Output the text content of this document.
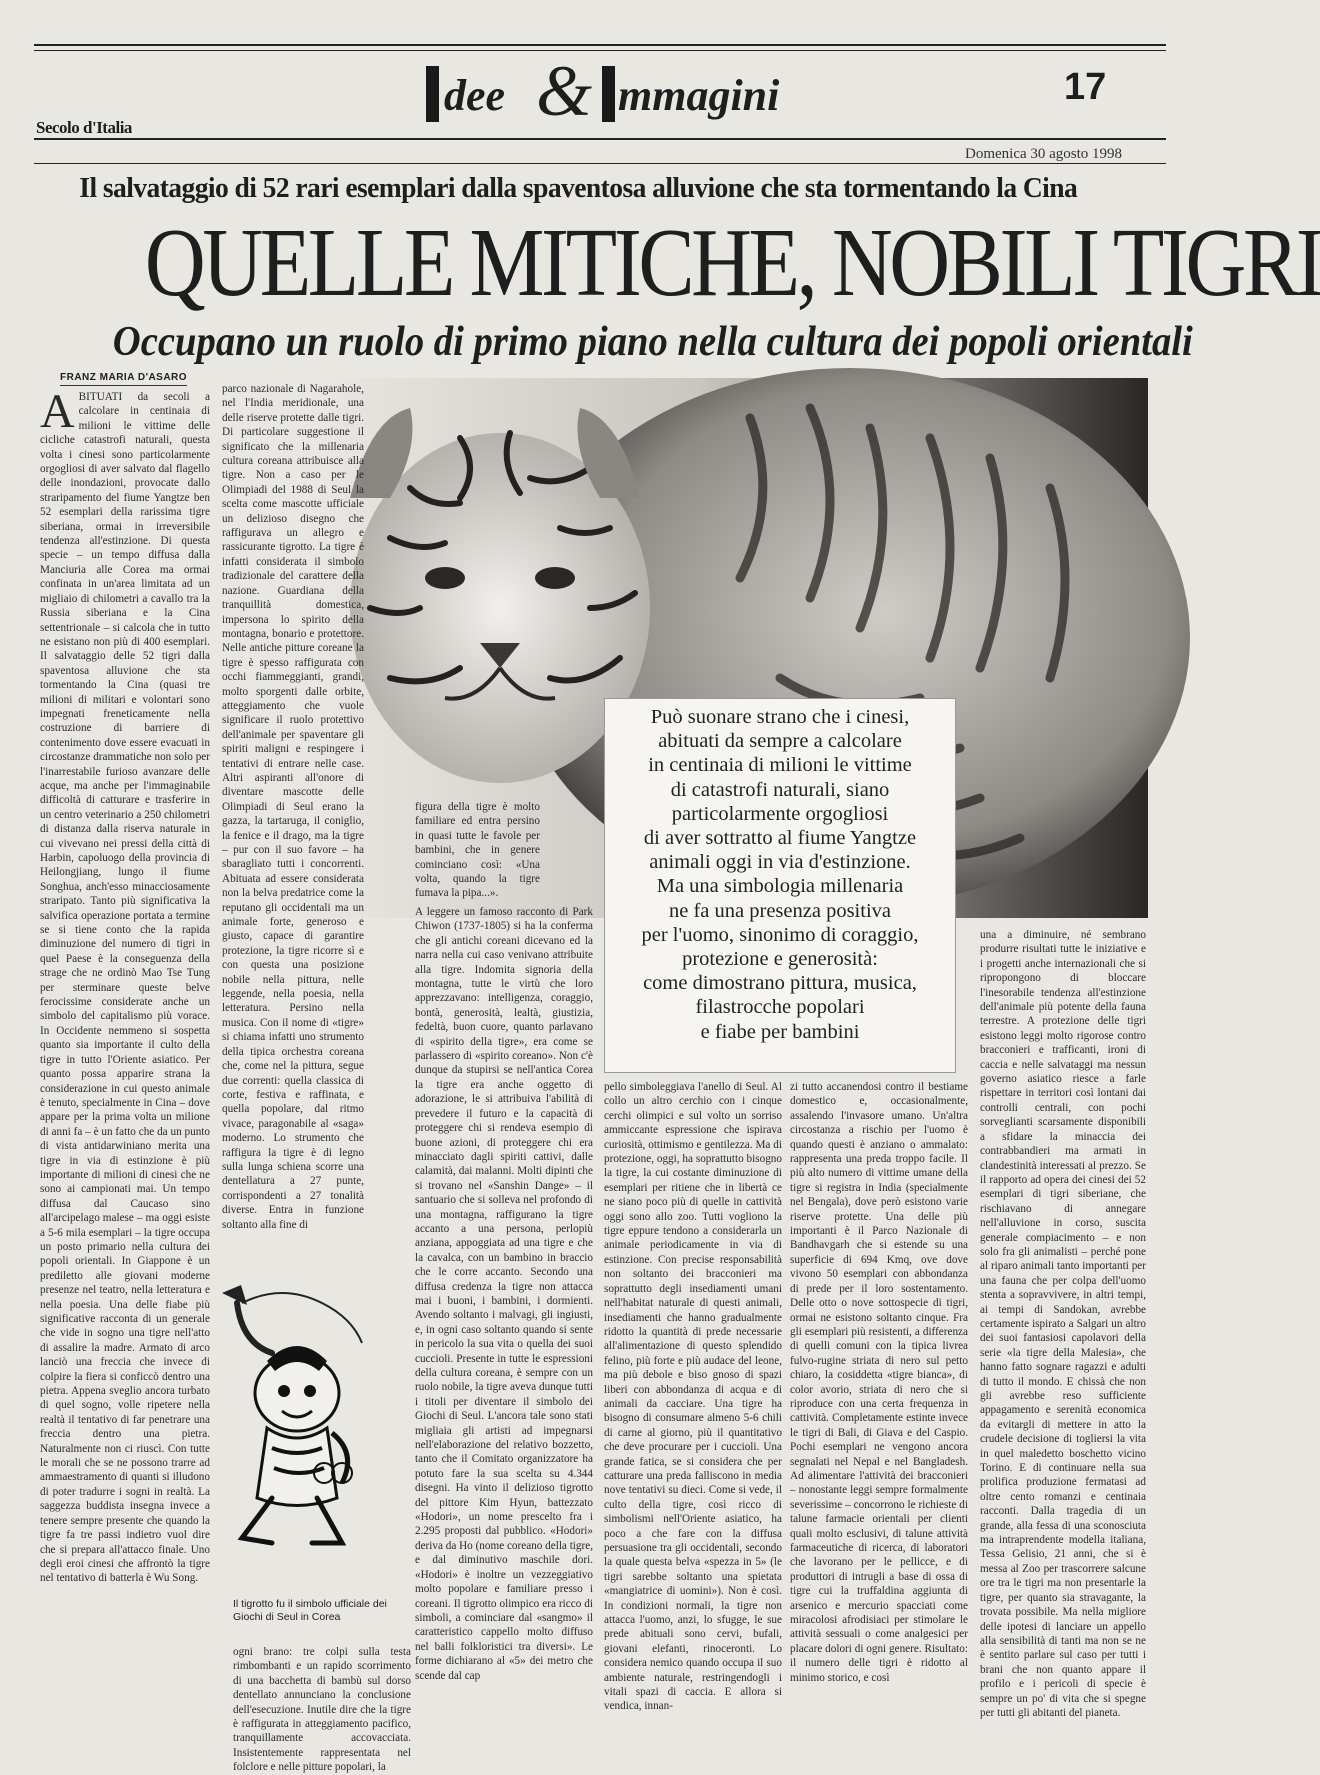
Secolo d'Italia
dee & mmagini	17
Domenica 30 agosto 1998
Il salvataggio di 52 rari esemplari dalla spaventosa alluvione che sta tormentando la Cina
QUELLE MITICHE, NOBILI TIGRI
Occupano un ruolo di primo piano nella cultura dei popoli orientali
FRANZ MARIA D'ASARO
A BITUATI da secoli a calcolare in centinaia di milioni le vittime delle cicliche catastrofi naturali, questa volta i cinesi sono particolarmente orgogliosi di aver salvato dal flagello delle inondazioni, provocate dallo straripamento del fiume Yangtze ben 52 esemplari della rarissima tigre siberiana, ormai in irreversibile tendenza all'estinzione. Di questa specie – un tempo diffusa dalla Manciuria alle Corea ma ormai confinata in un'area limitata ad un migliaio di chilometri a cavallo tra la Russia siberiana e la Cina settentrionale – si calcola che in tutto ne esistano non più di 400 esemplari. Il salvataggio delle 52 tigri dalla spaventosa alluvione che sta tormentando la Cina (quasi tre milioni di militari e volontari sono impegnati freneticamente nella costruzione di barriere di contenimento dove essere evacuati in circostanze drammatiche non solo per l'inarrestabile furioso avanzare delle acque, ma anche per l'immaginabile difficoltà di catturare e trasferire in un centro veterinario a 250 chilometri di distanza dalla riserva naturale in cui vivevano nei pressi della città di Harbin, capoluogo della provincia di Heilongjiang, lungo il fiume Songhua, anch'esso minacciosamente straripato. Tanto più significativa la salvifica operazione portata a termine se si tiene conto che la rapida diminuzione del numero di tigri in quel Paese è la conseguenza della strage che ne ordinò Mao Tse Tung per sterminare queste belve ferocissime considerate anche un simbolo del capitalismo più vorace. In Occidente nemmeno si sospetta quanto sia importante il culto della tigre in tutto l'Oriente asiatico. Per quanto possa apparire strana la considerazione in cui questo animale è tenuto, specialmente in Cina – dove appare per la prima volta un milione di anni fa – è un fatto che da un punto di vista antidarwiniano merita una tigre in via di estinzione è più importante di milioni di cinesi che ne sono ai campionati mai. Un tempo diffusa dal Caucaso sino all'arcipelago malese – ma oggi esiste a 5-6 mila esemplari – la tigre occupa un posto primario nella cultura dei popoli orientali. In Giappone è un prediletto alle giovani moderne presenze nel teatro, nella letteratura e nella poesia. Una delle fiabe più significative racconta di un generale che vide in sogno una tigre nell'atto di assalire la madre. Armato di arco lanciò una freccia che invece di colpire la fiera si conficcò dentro una pietra. Appena sveglio ancora turbato di quel sogno, volle ripetere nella realtà il tentativo di far penetrare una freccia dentro una pietra. Naturalmente non ci riuscì. Con tutte le morali che se ne possono trarre ad ammaestramento di quanti si illudono di poter tradurre i sogni in realtà. La saggezza buddista insegna invece a tenere sempre presente che quando la tigre fa tre passi indietro vuol dire che si prepara all'attacco finale. Uno degli eroi cinesi che affrontò la tigre nel tentativo di batterla è Wu Song.
parco nazionale di Nagarahole, nel l'India meridionale, una delle riserve protette dalle tigri. Di particolare suggestione il significato che la millenaria cultura coreana attribuisce alla tigre. Non a caso per le Olimpiadi del 1988 di Seul la scelta come mascotte ufficiale un delizioso disegno che raffigurava un allegro e rassicurante tigrotto. La tigre è infatti considerata il simbolo tradizionale del carattere della nazione. Guardiana della tranquillità domestica, impersona lo spirito della montagna, bonario e protettore. Nelle antiche pitture coreane la tigre è spesso raffigurata con occhi fiammeggianti, grandi, molto sporgenti dalle orbite, atteggiamento che vuole significare il ruolo protettivo dell'animale per spaventare gli spiriti maligni e respingere i tentativi di entrare nelle case. Altri aspiranti all'onore di diventare mascotte delle Olimpiadi di Seul erano la gazza, la tartaruga, il coniglio, la fenice e il drago, ma la tigre – pur con il suo favore – ha sbaragliato tutti i concorrenti. Abituata ad essere considerata non la belva predatrice come la reputano gli occidentali ma un animale forte, generoso e giusto, capace di garantire protezione, la tigre ricorre sì e con questa una posizione nobile nella pittura, nelle leggende, nella poesia, nella letteratura. Persino nella musica. Con il nome di «tigre» si chiama infatti uno strumento della tipica orchestra coreana che, come nel la pittura, segue due correnti: quella classica di corte, festiva e raffinata, e quella popolare, dal ritmo vivace, paragonabile al «saga» moderno. Lo strumento che raffigura la tigre è di legno sulla lunga schiena scorre una dentellatura a 27 punte, corrispondenti a 27 tonalità diverse. Entra in funzione soltanto alla fine di
ogni brano: tre colpi sulla testa rimbombanti e un rapido scorrimento di una bacchetta di bambù sul dorso dentellato annunciano la conclusione dell'esecuzione. Inutile dire che la tigre è raffigurata in atteggiamento pacifico, tranquillamente accovacciata. Insistentemente rappresentata nel folclore e nelle pitture popolari, la
figura della tigre è molto familiare ed entra persino in quasi tutte le favole per bambini, che in genere cominciano così: «Una volta, quando la tigre fumava la pipa...».
A leggere un famoso racconto di Park Chiwon (1737-1805) si ha la conferma che gli antichi coreani dicevano ed la narra nella cui caso venivano attribuite alla tigre. Indomita signoria della montagna, tutte le virtù che loro apprezzavano: intelligenza, coraggio, bontà, generosità, lealtà, giustizia, fedeltà, buon cuore, quanto parlavano di «spirito della tigre», era come se parlassero di «spirito coreano». Non c'è dunque da stupirsi se nell'antica Corea la tigre era anche oggetto di adorazione, le si attribuiva l'abilità di prevedere il futuro e la capacità di proteggere chi si rendeva esempio di buone azioni, di proteggere chi era minacciato dagli spiriti cattivi, dalle calamità, dai malanni. Molti dipinti che si trovano nel «Sanshin Dange» – il santuario che si solleva nel profondo di una montagna, raffigurano la tigre accanto a una persona, perlopiù anziana, appoggiata ad una tigre e che la cavalca, con un bambino in braccio che le corre accanto. Secondo una diffusa credenza la tigre non attacca mai i buoni, i bambini, i dormienti. Avendo soltanto i malvagi, gli ingiusti, e, in ogni caso soltanto quando si sente in pericolo la sua vita o quella dei suoi cuccioli. Presente in tutte le espressioni della cultura coreana, è sempre con un ruolo nobile, la tigre aveva dunque tutti i titoli per diventare il simbolo dei Giochi di Seul. L'ancora tale sono stati migliaia gli artisti ad impegnarsi nell'elaborazione del relativo bozzetto, tanto che il Comitato organizzatore ha potuto fare la sua scelta su 4.344 disegni. Ha vinto il delizioso tigrotto del pittore Kim Hyun, battezzato «Hodori», un nome prescelto fra i 2.295 proposti dal pubblico. «Hodori» deriva da Ho (nome coreano della tigre, e dal diminutivo maschile dori. «Hodori» è inoltre un vezzeggiativo molto popolare e familiare presso i coreani. Il tigrotto olimpico era ricco di simboli, a cominciare dal «sangmo» il caratteristico cappello molto diffuso nel balli folkloristici tra diversi». Le forme dichiarano al «5» dei metro che scende dal cap
pello simboleggiava l'anello di Seul. Al collo un altro cerchio con i cinque cerchi olimpici e sul volto un sorriso ammiccante espressione che ispirava curiosità, ottimismo e gentilezza. Ma di protezione, oggi, ha soprattutto bisogno la tigre, la cui costante diminuzione di esemplari per ritiene che in libertà ce ne siano poco più di quelle in cattività oggi sono allo zoo. Tutti vogliono la tigre eppure tendono a considerarla un animale periodicamente in via di estinzione. Con precise responsabilità non soltanto dei bracconieri ma soprattutto degli insediamenti umani nell'habitat naturale di questi animali, insediamenti che hanno gradualmente ridotto la quantità di prede necessarie all'alimentazione di questo splendido felino, più forte e più audace del leone, ma più debole e biso gnoso di spazi liberi con abbondanza di acqua e di animali da cacciare. Una tigre ha bisogno di consumare almeno 5-6 chili di carne al giorno, più il quantitativo che deve procurare per i cuccioli. Una grande fatica, se si considera che per catturare una preda falliscono in media nove tentativi su dieci. Come si vede, il culto della tigre, così ricco di simbolismi nell'Oriente asiatico, ha poco a che fare con la diffusa persuasione tra gli occidentali, secondo la quale questa belva «spezza in 5» (le tigri sarebbe soltanto una spietata «mangiatrice di uomini»). Non è così. In condizioni normali, la tigre non attacca l'uomo, anzi, lo sfugge, le sue prede abituali sono cervi, bufali, giovani elefanti, rinoceronti. Lo considera nemico quando occupa il suo ambiente naturale, restringendogli i vitali spazi di caccia. E allora si vendica, innan-
zi tutto accanendosi contro il bestiame domestico e, occasionalmente, assalendo l'invasore umano. Un'altra circostanza a rischio per l'uomo è quando questi è anziano o ammalato: rappresenta una preda troppo facile. Il più alto numero di vittime umane della tigre si registra in India (specialmente nel Bengala), dove però esistono varie riserve protette. Una delle più importanti è il Parco Nazionale di Bandhavgarh che si estende su una superficie di 694 Kmq, ove dove vivono 50 esemplari con abbondanza di prede per il loro sostentamento. Delle otto o nove sottospecie di tigri, ormai ne esistono soltanto cinque. Fra gli esemplari più resistenti, a differenza di quelli comuni con la tipica livrea fulvo-rugine striata di nero sul petto chiaro, la cosiddetta «tigre bianca», di color avorio, striata di nero che si riproduce con una certa frequenza in cattività. Completamente estinte invece le tigri di Bali, di Giava e del Caspio. Pochi esemplari ne vengono ancora segnalati nel Nepal e nel Bangladesh. Ad alimentare l'attività dei bracconieri – nonostante leggi sempre formalmente severissime – concorrono le richieste di talune farmacie orientali per clienti quali molto esclusivi, di talune attività farmaceutiche di ricerca, di laboratori che lavorano per le pellicce, e di produttori di intrugli a base di ossa di tigre cui la truffaldina aggiunta di arsenico e mercurio spacciati come miracolosi afrodisiaci per stimolare le attività sessuali o come analgesici per placare dolori di ogni genere. Risultato: il numero delle tigri è ridotto al minimo storico, e così
una a diminuire, né sembrano produrre risultati tutte le iniziative e i progetti anche internazionali che si ripropongono di bloccare l'inesorabile tendenza all'estinzione dell'animale più potente della fauna terrestre. A protezione delle tigri esistono leggi molto rigorose contro bracconieri e trafficanti, ironi di caccia e nelle salvataggi ma nessun governo asiatico riesce a farle rispettare in territori così lontani dai controlli centrali, con pochi sorveglianti scarsamente disponibili a sfidare la minaccia dei contrabbandieri ma armati in clandestinità interessati al prezzo. Se il rapporto ad opera dei cinesi dei 52 esemplari di tigri siberiane, che rischiavano di annegare nell'alluvione in corso, suscita generale compiacimento – e non solo fra gli animalisti – perché pone al riparo animali tanto importanti per una fauna che per colpa dell'uomo stenta a sopravvivere, in altri tempi, ai tempi di Sandokan, avrebbe certamente ispirato a Salgari un altro dei suoi fantasiosi capolavori della serie «la tigre della Malesia», che hanno fatto sognare ragazzi e adulti di tutto il mondo. E chissà che non gli avrebbe reso sufficiente appagamento e serenità economica da evitargli di mettere in atto la crudele decisione di togliersi la vita in quel maledetto boschetto vicino Torino. E di continuare nella sua prolifica produzione fermatasi ad oltre cento romanzi e centinaia racconti. Dalla tragedia di un grande, alla fessa di una sconosciuta ma intraprendente modella italiana, Tessa Gelisio, 21 anni, che si è messa al Zoo per trascorrere salcune ore tra le tigri ma non presentarle la tigre, per quanto sia stravagante, la trovata possibile. Ma nella migliore delle ipotesi di lanciare un appello alla sensibilità di tanti ma non se ne è sentito parlare sul caso per tutti i brani che non quanto appare il profilo e i pericoli di specie è sempre un po' di vita che si spegne per tutti gli abitanti del pianeta.
Può suonare strano che i cinesi,
abituati da sempre a calcolare
in centinaia di milioni le vittime
di catastrofi naturali, siano
particolarmente orgogliosi
di aver sottratto al fiume Yangtze
animali oggi in via d'estinzione.
Ma una simbologia millenaria
ne fa una presenza positiva
per l'uomo, sinonimo di coraggio,
protezione e generosità:
come dimostrano pittura, musica,
filastrocche popolari
e fiabe per bambini
Il tigrotto fu il simbolo ufficiale dei Giochi di Seul in Corea
